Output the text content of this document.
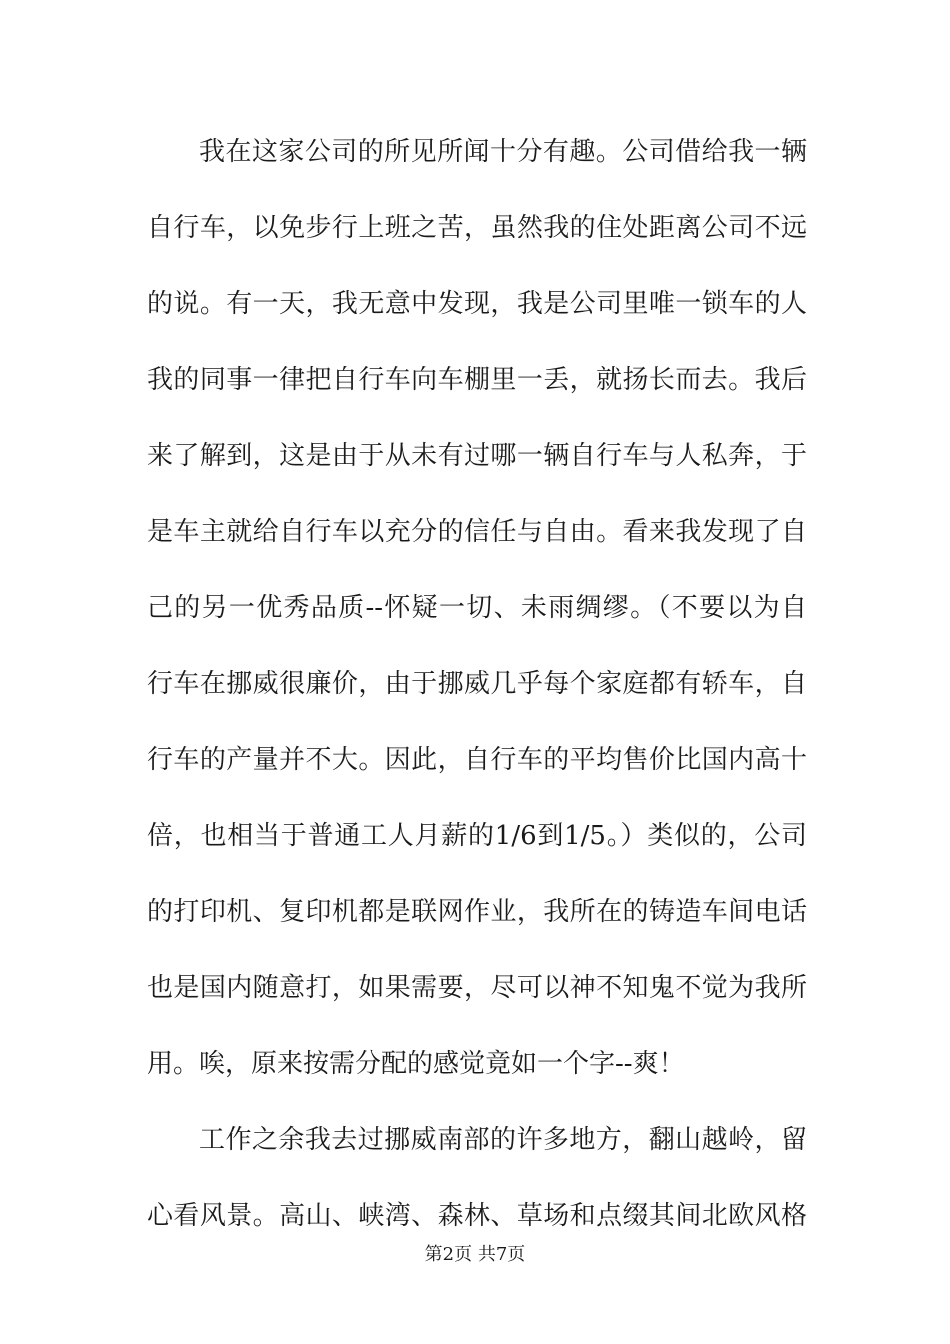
我在这家公司的所见所闻十分有趣。公司借给我一辆
自行车，以免步行上班之苦，虽然我的住处距离公司不远
的说。有一天，我无意中发现，我是公司里唯一锁车的人
我的同事一律把自行车向车棚里一丢，就扬长而去。我后
来了解到，这是由于从未有过哪一辆自行车与人私奔，于
是车主就给自行车以充分的信任与自由。看来我发现了自
己的另一优秀品质--怀疑一切、未雨绸缪。（不要以为自
行车在挪威很廉价，由于挪威几乎每个家庭都有轿车，自
行车的产量并不大。因此，自行车的平均售价比国内高十
倍，也相当于普通工人月薪的1/6到1/5。）类似的，公司
的打印机、复印机都是联网作业，我所在的铸造车间电话
也是国内随意打，如果需要，尽可以神不知鬼不觉为我所
用。唉，原来按需分配的感觉竟如一个字--爽！
工作之余我去过挪威南部的许多地方，翻山越岭，留
心看风景。高山、峡湾、森林、草场和点缀其间北欧风格
第2页 共7页
